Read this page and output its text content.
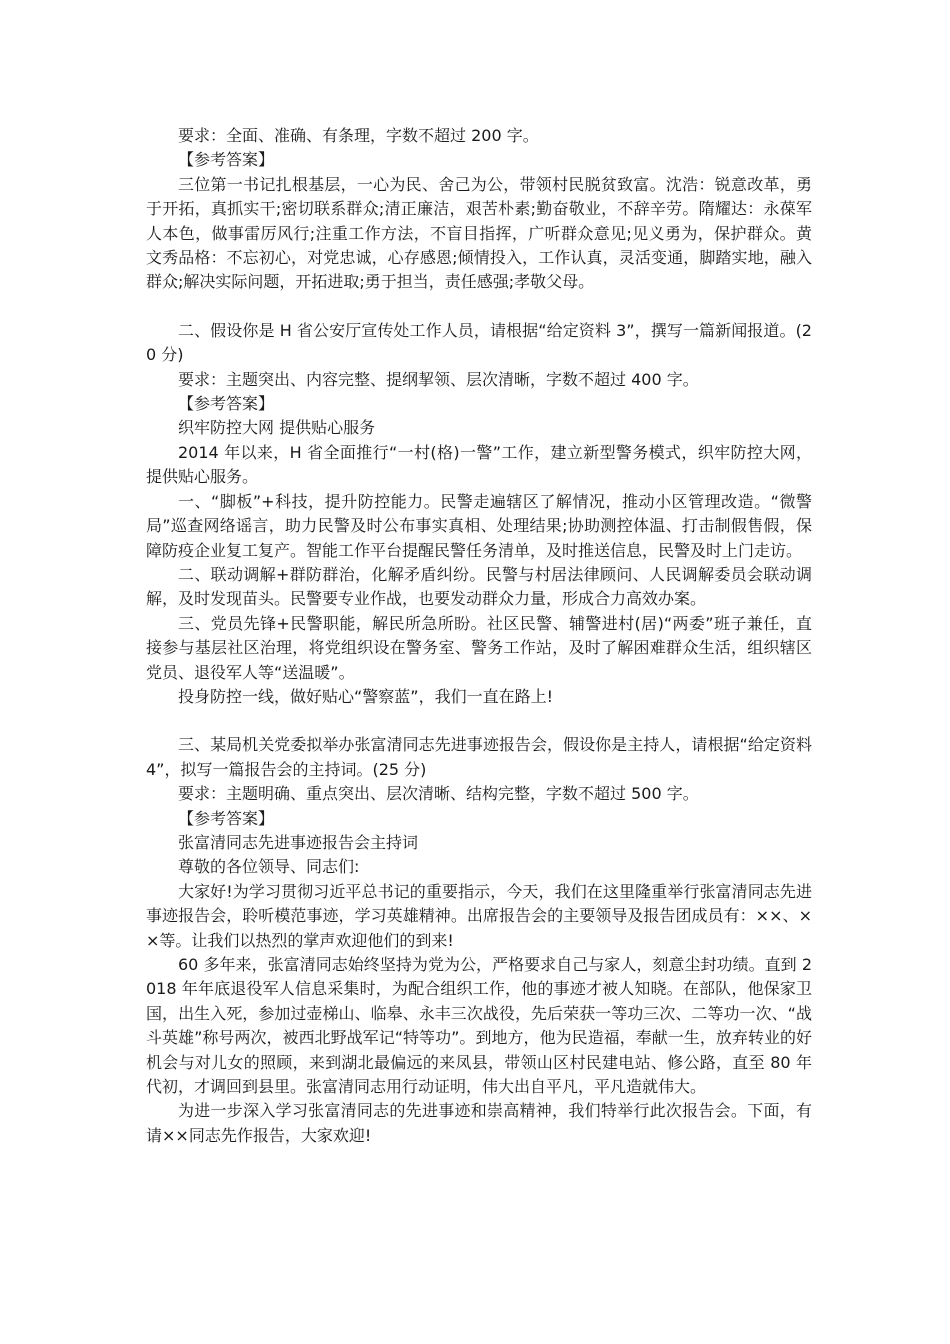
要求：全面、准确、有条理，字数不超过 200 字。

【参考答案】

三位第一书记扎根基层，一心为民、舍己为公，带领村民脱贫致富。沈浩：锐意改革，勇于开拓，真抓实干;密切联系群众;清正廉洁，艰苦朴素;勤奋敬业，不辞辛劳。隋耀达：永葆军人本色，做事雷厉风行;注重工作方法，不盲目指挥，广听群众意见;见义勇为，保护群众。黄文秀品格：不忘初心，对党忠诚，心存感恩;倾情投入，工作认真，灵活变通，脚踏实地，融入群众;解决实际问题，开拓进取;勇于担当，责任感强;孝敬父母。

二、假设你是 H 省公安厅宣传处工作人员，请根据“给定资料 3”，撰写一篇新闻报道。(20 分)

要求：主题突出、内容完整、提纲挈领、层次清晰，字数不超过 400 字。

【参考答案】

织牢防控大网 提供贴心服务

2014 年以来，H 省全面推行“一村(格)一警”工作，建立新型警务模式，织牢防控大网，提供贴心服务。

一、“脚板”+科技，提升防控能力。民警走遍辖区了解情况，推动小区管理改造。“微警局”巡查网络谣言，助力民警及时公布事实真相、处理结果;协助测控体温、打击制假售假，保障防疫企业复工复产。智能工作平台提醒民警任务清单，及时推送信息，民警及时上门走访。

二、联动调解+群防群治，化解矛盾纠纷。民警与村居法律顾问、人民调解委员会联动调解，及时发现苗头。民警要专业作战，也要发动群众力量，形成合力高效办案。

三、党员先锋+民警职能，解民所急所盼。社区民警、辅警进村(居)“两委”班子兼任，直接参与基层社区治理，将党组织设在警务室、警务工作站，及时了解困难群众生活，组织辖区党员、退役军人等“送温暖”。

投身防控一线，做好贴心“警察蓝”，我们一直在路上!

三、某局机关党委拟举办张富清同志先进事迹报告会，假设你是主持人，请根据“给定资料 4”，拟写一篇报告会的主持词。(25 分)

要求：主题明确、重点突出、层次清晰、结构完整，字数不超过 500 字。

【参考答案】

张富清同志先进事迹报告会主持词

尊敬的各位领导、同志们:

大家好!为学习贯彻习近平总书记的重要指示，今天，我们在这里隆重举行张富清同志先进事迹报告会，聆听模范事迹，学习英雄精神。出席报告会的主要领导及报告团成员有：××、××等。让我们以热烈的掌声欢迎他们的到来!

60 多年来，张富清同志始终坚持为党为公，严格要求自己与家人，刻意尘封功绩。直到 2018 年年底退役军人信息采集时，为配合组织工作，他的事迹才被人知晓。在部队，他保家卫国，出生入死，参加过壶梯山、临皋、永丰三次战役，先后荣获一等功三次、二等功一次、“战斗英雄”称号两次，被西北野战军记“特等功”。到地方，他为民造福，奉献一生，放弃转业的好机会与对儿女的照顾，来到湖北最偏远的来凤县，带领山区村民建电站、修公路，直至 80 年代初，才调回到县里。张富清同志用行动证明，伟大出自平凡，平凡造就伟大。

为进一步深入学习张富清同志的先进事迹和崇高精神，我们特举行此次报告会。下面，有请××同志先作报告，大家欢迎!
